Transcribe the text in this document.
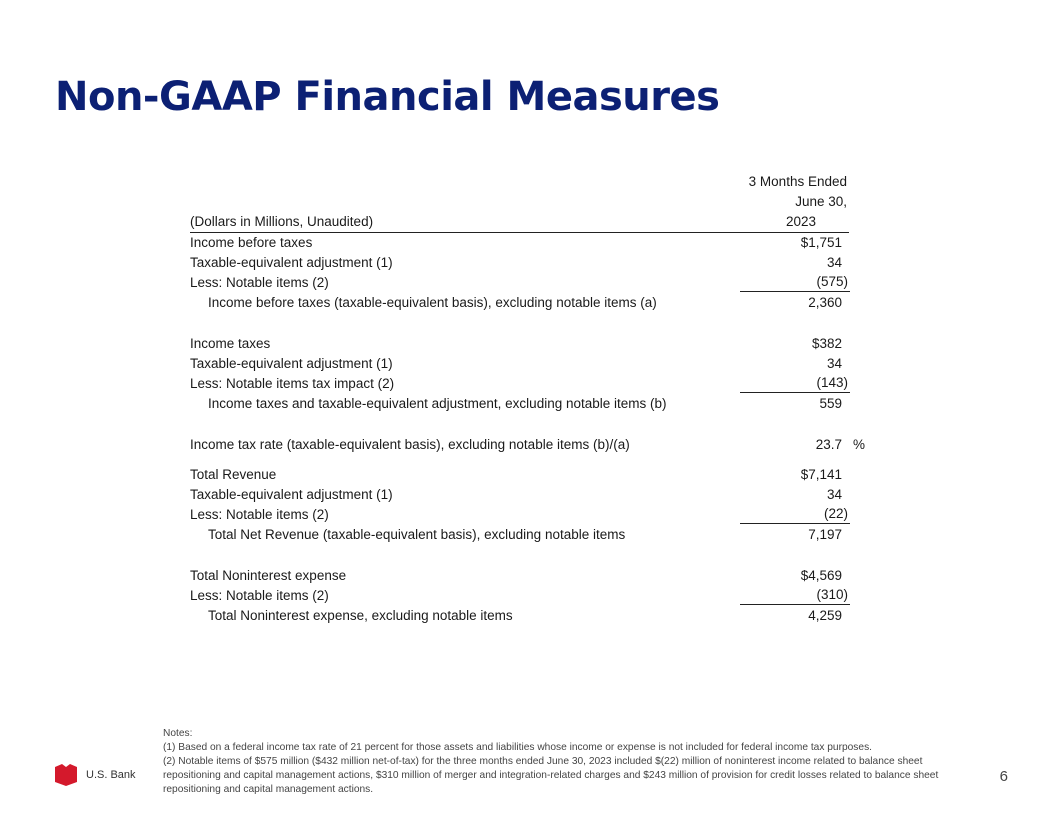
Non-GAAP Financial Measures
3 Months Ended
June 30,
(Dollars in Millions, Unaudited)	2023
Income before taxes	$1,751
Taxable-equivalent adjustment (1)	34
Less: Notable items (2)	(575)
Income before taxes (taxable-equivalent basis), excluding notable items (a)	2,360
Income taxes	$382
Taxable-equivalent adjustment (1)	34
Less: Notable items tax impact (2)	(143)
Income taxes and taxable-equivalent adjustment, excluding notable items (b)	559
Income tax rate (taxable-equivalent basis), excluding notable items (b)/(a)	23.7 %
Total Revenue	$7,141
Taxable-equivalent adjustment (1)	34
Less: Notable items (2)	(22)
Total Net Revenue (taxable-equivalent basis), excluding notable items	7,197
Total Noninterest expense	$4,569
Less: Notable items (2)	(310)
Total Noninterest expense, excluding notable items	4,259

Notes:

(1) Based on a federal income tax rate of 21 percent for those assets and liabilities whose income or expense is not included for federal income tax purposes.

(2) Notable items of $575 million ($432 million net-of-tax) for the three months ended June 30, 2023 included $(22) million of noninterest income related to balance sheet repositioning and capital management actions, $310 million of merger and integration-related charges and $243 million of provision for credit losses related to balance sheet repositioning and capital management actions.

U.S. Bank	6
